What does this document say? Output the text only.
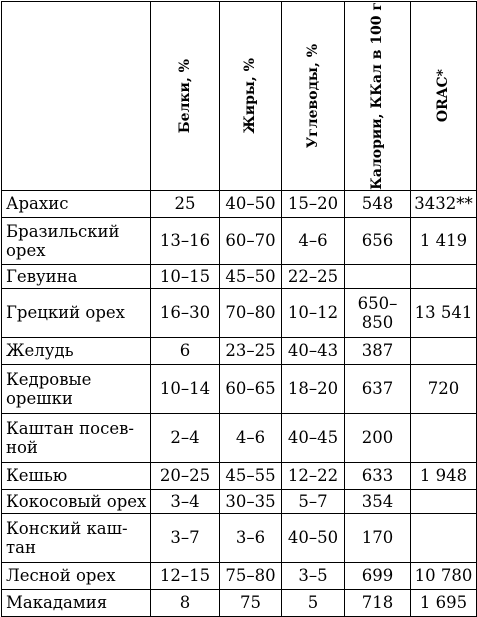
	Белки, %	Жиры, %	Углеводы, %	Калории, ККал в 100 г	ORAC*

Арахис	25	40–50	15–20	548	3432**
Бразильский
орех	13–16	60–70	4–6	656	1 419
Гевуина	10–15	45–50	22–25		
Грецкий орех	16–30	70–80	10–12	650–
850	13 541
Желудь	6	23–25	40–43	387	
Кедровые
орешки	10–14	60–65	18–20	637	720
Каштан посев-
ной	2–4	4–6	40–45	200	
Кешью	20–25	45–55	12–22	633	1 948
Кокосовый орех	3–4	30–35	5–7	354	
Конский каш-
тан	3–7	3–6	40–50	170	
Лесной орех	12–15	75–80	3–5	699	10 780
Макадамия	8	75	5	718	1 695
